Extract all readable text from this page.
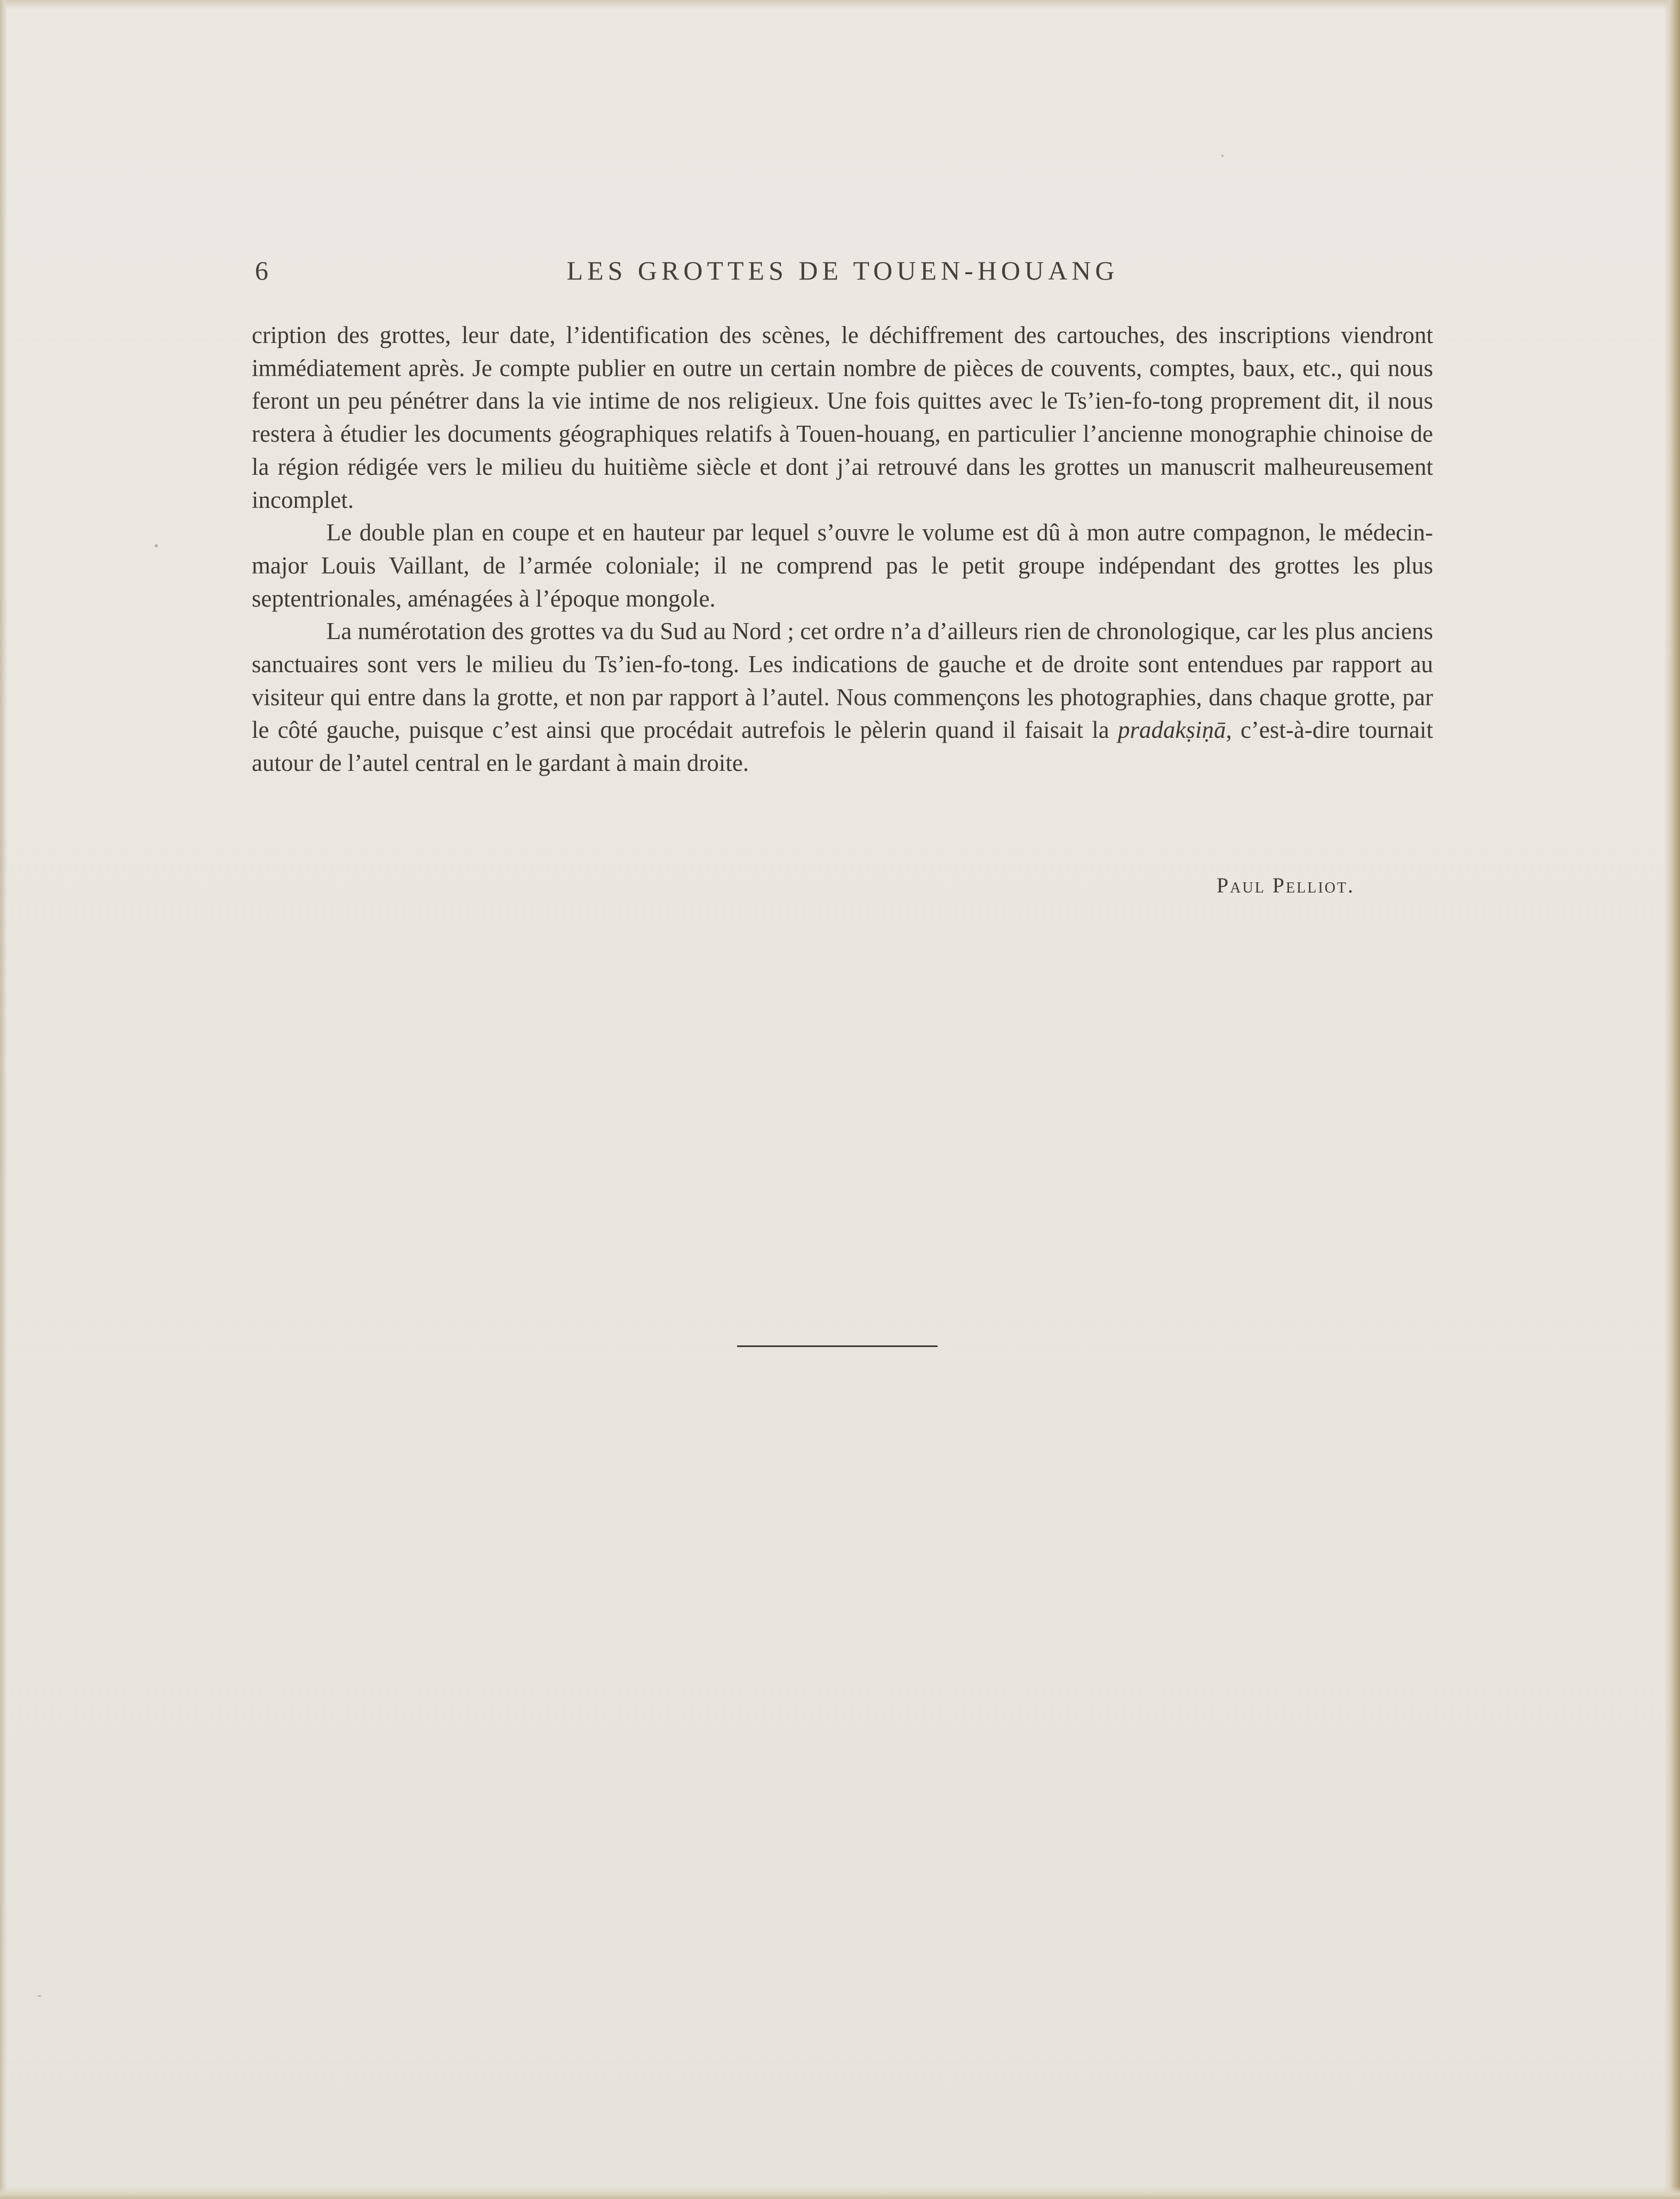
LES GROTTES DE TOUEN-HOUANG
6

cription des grottes, leur date, l’identification des scènes, le déchiffrement des cartouches, des inscriptions viendront immédiatement après. Je compte publier en outre un certain nombre de pièces de couvents, comptes, baux, etc., qui nous feront un peu pénétrer dans la vie intime de nos religieux. Une fois quittes avec le Ts’ien-fo-tong proprement dit, il nous restera à étudier les documents géographiques relatifs à Touen-houang, en particulier l’ancienne monographie chinoise de la région rédigée vers le milieu du huitième siècle et dont j’ai retrouvé dans les grottes un manuscrit malheureusement incomplet.

Le double plan en coupe et en hauteur par lequel s’ouvre le volume est dû à mon autre compagnon, le médecin-major Louis Vaillant, de l’armée coloniale; il ne comprend pas le petit groupe indépendant des grottes les plus septentrionales, aménagées à l’époque mongole.

La numérotation des grottes va du Sud au Nord ; cet ordre n’a d’ailleurs rien de chronologique, car les plus anciens sanctuaires sont vers le milieu du Ts’ien-fo-tong. Les indications de gauche et de droite sont entendues par rapport au visiteur qui entre dans la grotte, et non par rapport à l’autel. Nous commençons les photographies, dans chaque grotte, par le côté gauche, puisque c’est ainsi que procédait autrefois le pèlerin quand il faisait la pradakṣiṇā, c’est-à-dire tournait autour de l’autel central en le gardant à main droite.

Paul Pelliot.
